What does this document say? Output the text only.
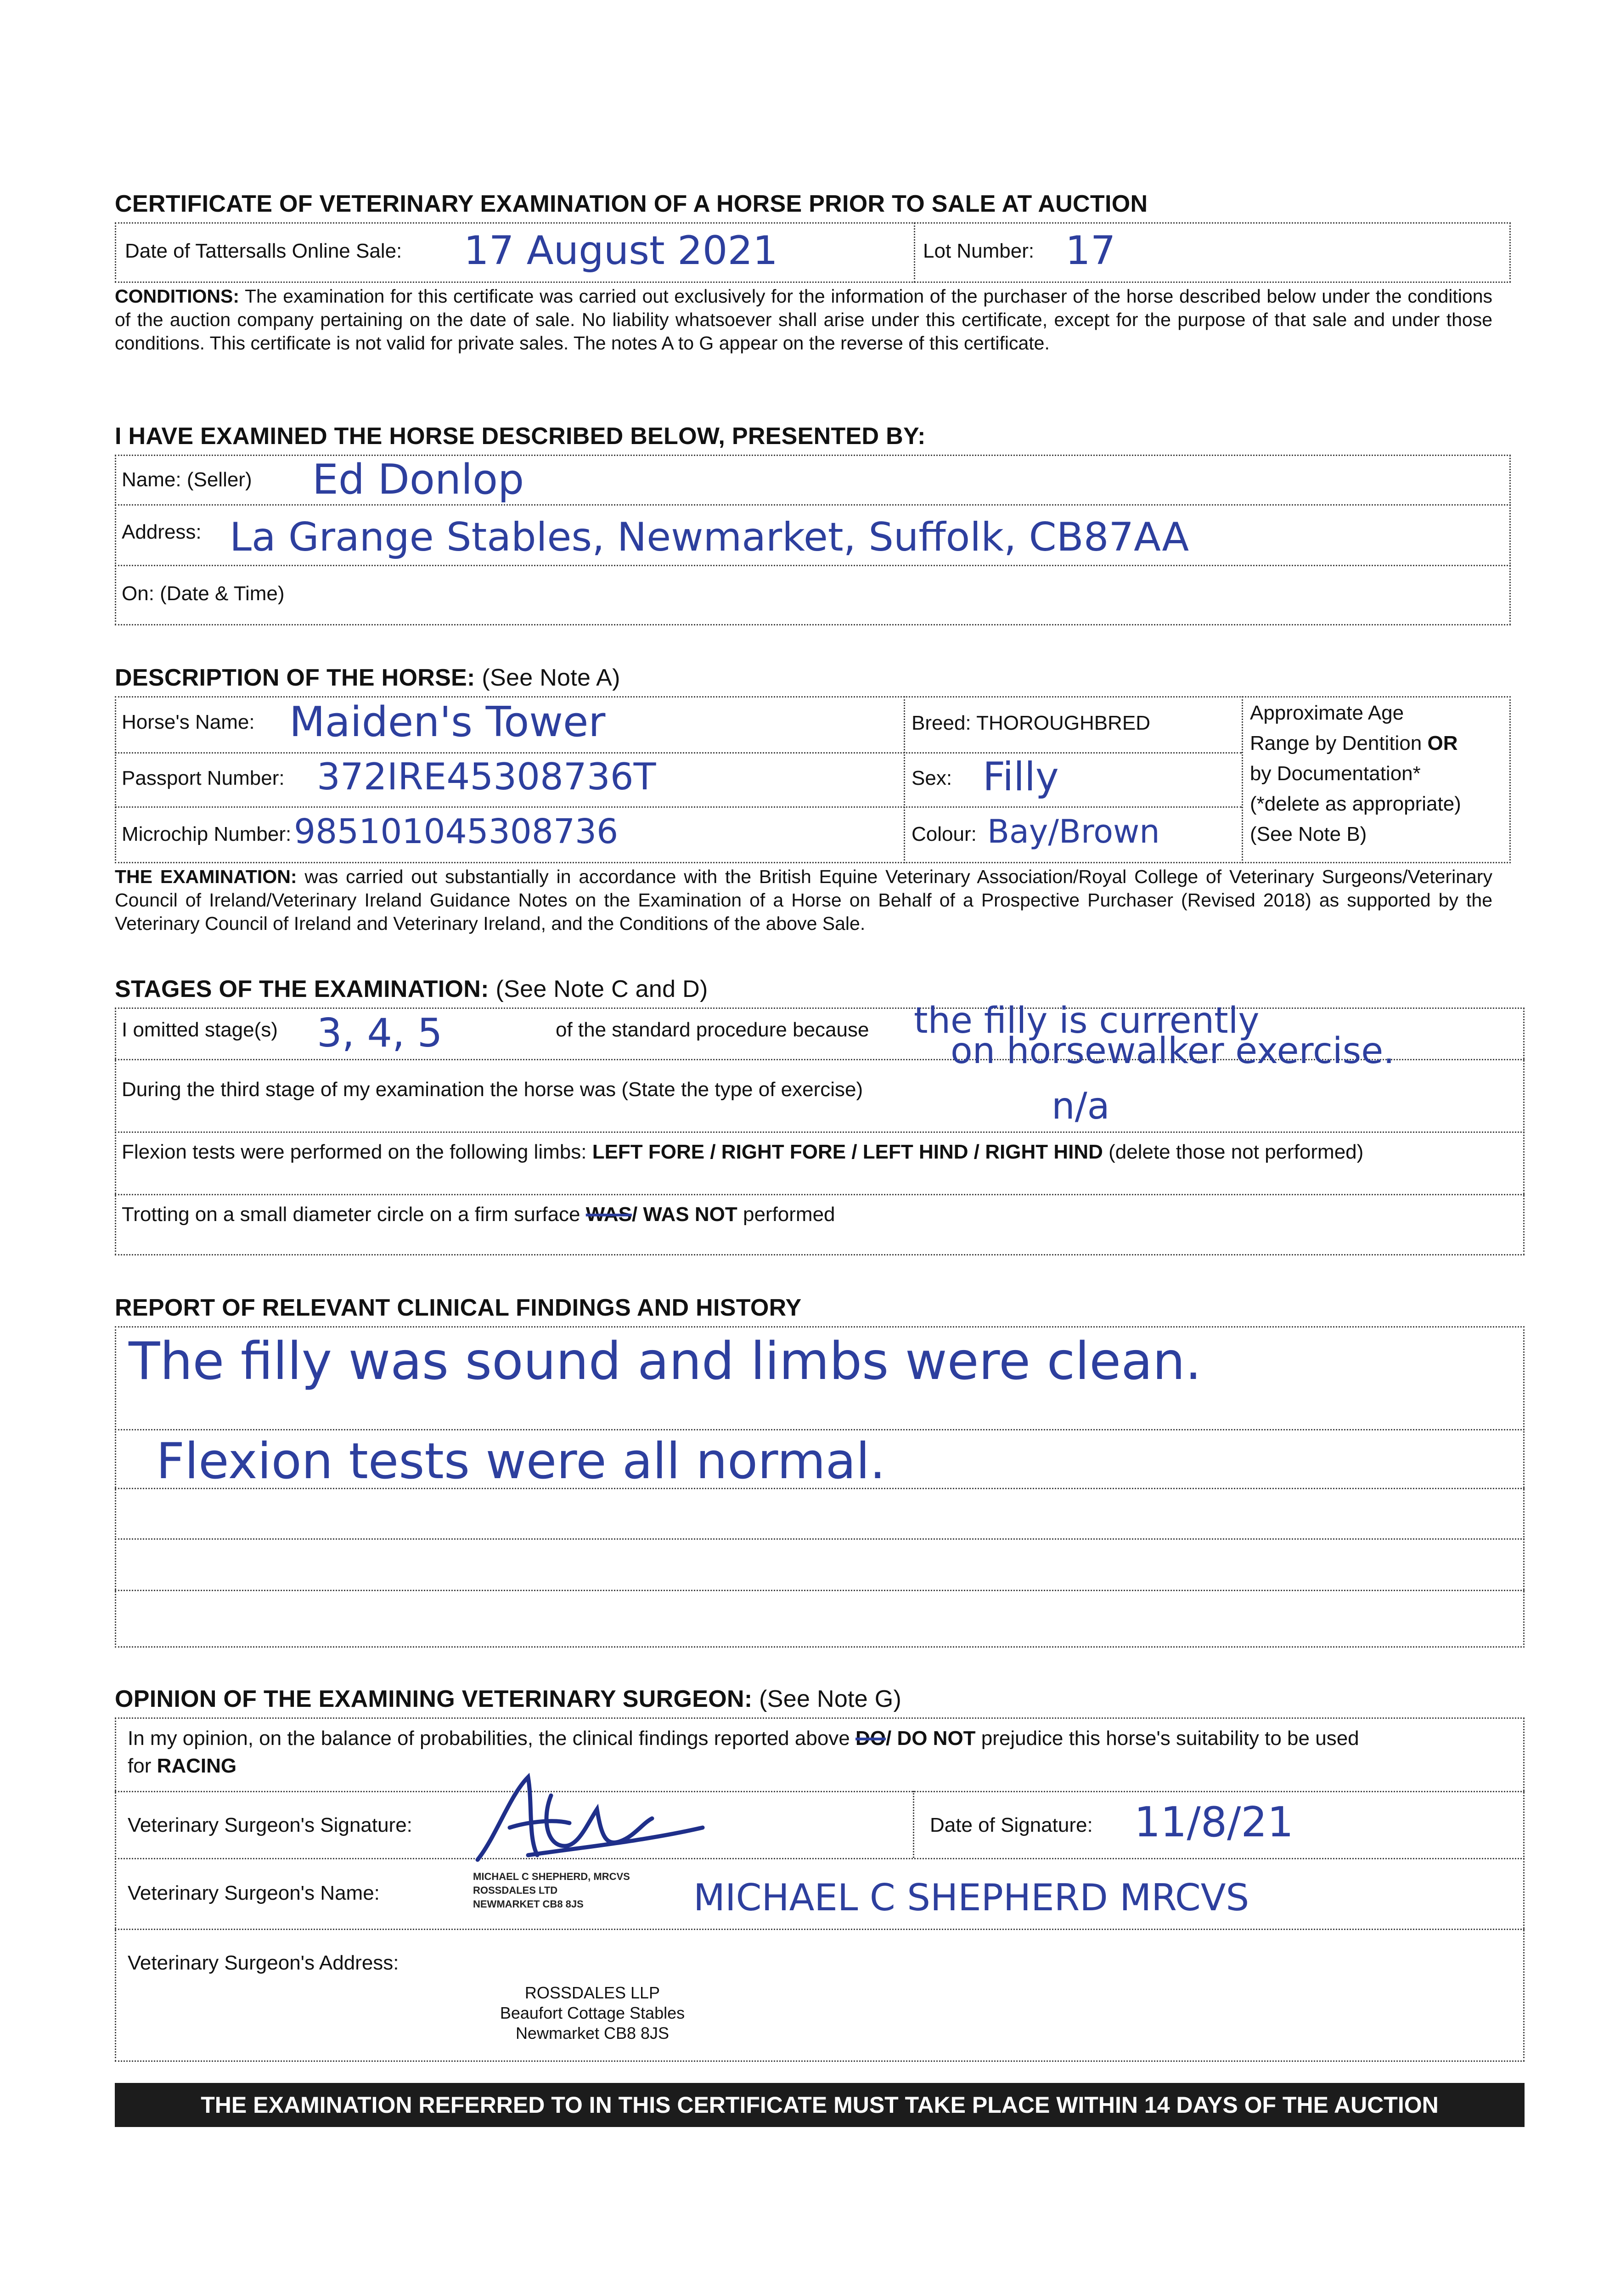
CERTIFICATE OF VETERINARY EXAMINATION OF A HORSE PRIOR TO SALE AT AUCTION
Date of Tattersalls Online Sale: 17 August 2021	Lot Number: 17
CONDITIONS: The examination for this certificate was carried out exclusively for the information of the purchaser of the horse described below under the conditions of the auction company pertaining on the date of sale. No liability whatsoever shall arise under this certificate, except for the purpose of that sale and under those conditions. This certificate is not valid for private sales. The notes A to G appear on the reverse of this certificate.
I HAVE EXAMINED THE HORSE DESCRIBED BELOW, PRESENTED BY:
Name: (Seller) Ed Donlop
Address: La Grange Stables, Newmarket, Suffolk, CB87AA
On: (Date & Time)
DESCRIPTION OF THE HORSE: (See Note A)
Horse's Name: Maiden's Tower	Breed: THOROUGHBRED
Passport Number: 372IRE45308736T	Sex: Filly
Microchip Number: 985101045308736	Colour: Bay/Brown
Approximate Age
Range by Dentition OR
by Documentation*
(*delete as appropriate)
(See Note B)
THE EXAMINATION: was carried out substantially in accordance with the British Equine Veterinary Association/Royal College of Veterinary Surgeons/Veterinary Council of Ireland/Veterinary Ireland Guidance Notes on the Examination of a Horse on Behalf of a Prospective Purchaser (Revised 2018) as supported by the Veterinary Council of Ireland and Veterinary Ireland, and the Conditions of the above Sale.
STAGES OF THE EXAMINATION: (See Note C and D)
I omitted stage(s) 3, 4, 5	of the standard procedure because the filly is currently
on horsewalker exercise.
During the third stage of my examination the horse was (State the type of exercise)	n/a
Flexion tests were performed on the following limbs: LEFT FORE / RIGHT FORE / LEFT HIND / RIGHT HIND (delete those not performed)
Trotting on a small diameter circle on a firm surface WAS/ WAS NOT performed
REPORT OF RELEVANT CLINICAL FINDINGS AND HISTORY
The filly was sound and limbs were clean.
Flexion tests were all normal.
OPINION OF THE EXAMINING VETERINARY SURGEON: (See Note G)
In my opinion, on the balance of probabilities, the clinical findings reported above DO/ DO NOT prejudice this horse's suitability to be used
for RACING
Veterinary Surgeon's Signature:	Date of Signature: 11/8/21
Veterinary Surgeon's Name:
MICHAEL C SHEPHERD, MRCVS
ROSSDALES LTD
NEWMARKET CB8 8JS	MICHAEL C SHEPHERD MRCVS
Veterinary Surgeon's Address:
ROSSDALES LLP
Beaufort Cottage Stables
Newmarket CB8 8JS
THE EXAMINATION REFERRED TO IN THIS CERTIFICATE MUST TAKE PLACE WITHIN 14 DAYS OF THE AUCTION
